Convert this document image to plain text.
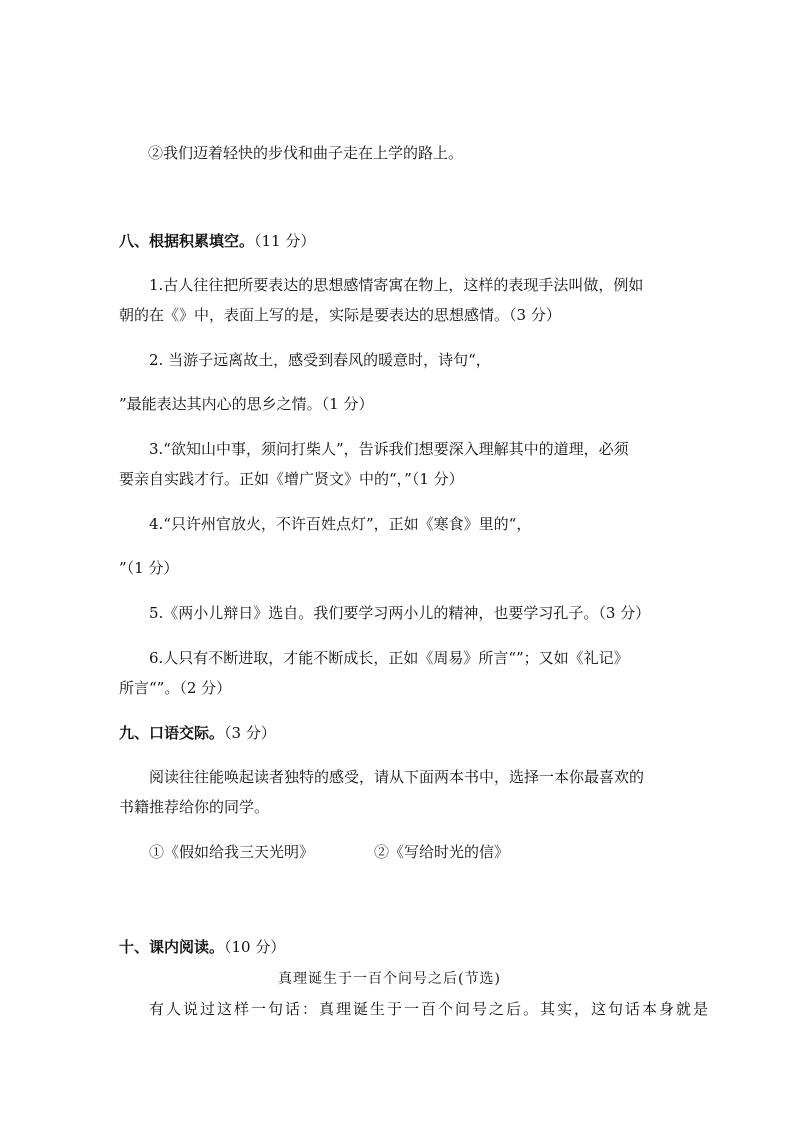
②我们迈着轻快的步伐和曲子走在上学的路上。
八、根据积累填空。（11 分）
1.古人往往把所要表达的思想感情寄寓在物上，这样的表现手法叫做，例如
朝的在《》中，表面上写的是，实际是要表达的思想感情。（3 分）
2. 当游子远离故土，感受到春风的暖意时，诗句“，
”最能表达其内心的思乡之情。（1 分）
3.“欲知山中事，须问打柴人”，告诉我们想要深入理解其中的道理，必须
要亲自实践才行。正如《增广贤文》中的“，”（1 分）
4.“只许州官放火，不许百姓点灯”，正如《寒食》里的“，
”（1 分）
5.《两小儿辩日》选自。我们要学习两小儿的精神，也要学习孔子。（3 分）
6.人只有不断进取，才能不断成长，正如《周易》所言“”；又如《礼记》
所言“”。（2 分）
九、口语交际。（3 分）
阅读往往能唤起读者独特的感受，请从下面两本书中，选择一本你最喜欢的
书籍推荐给你的同学。
①《假如给我三天光明》	②《写给时光的信》
十、课内阅读。（10 分）
真理诞生于一百个问号之后(节选)
有人说过这样一句话：真理诞生于一百个问号之后。其实，这句话本身就是
